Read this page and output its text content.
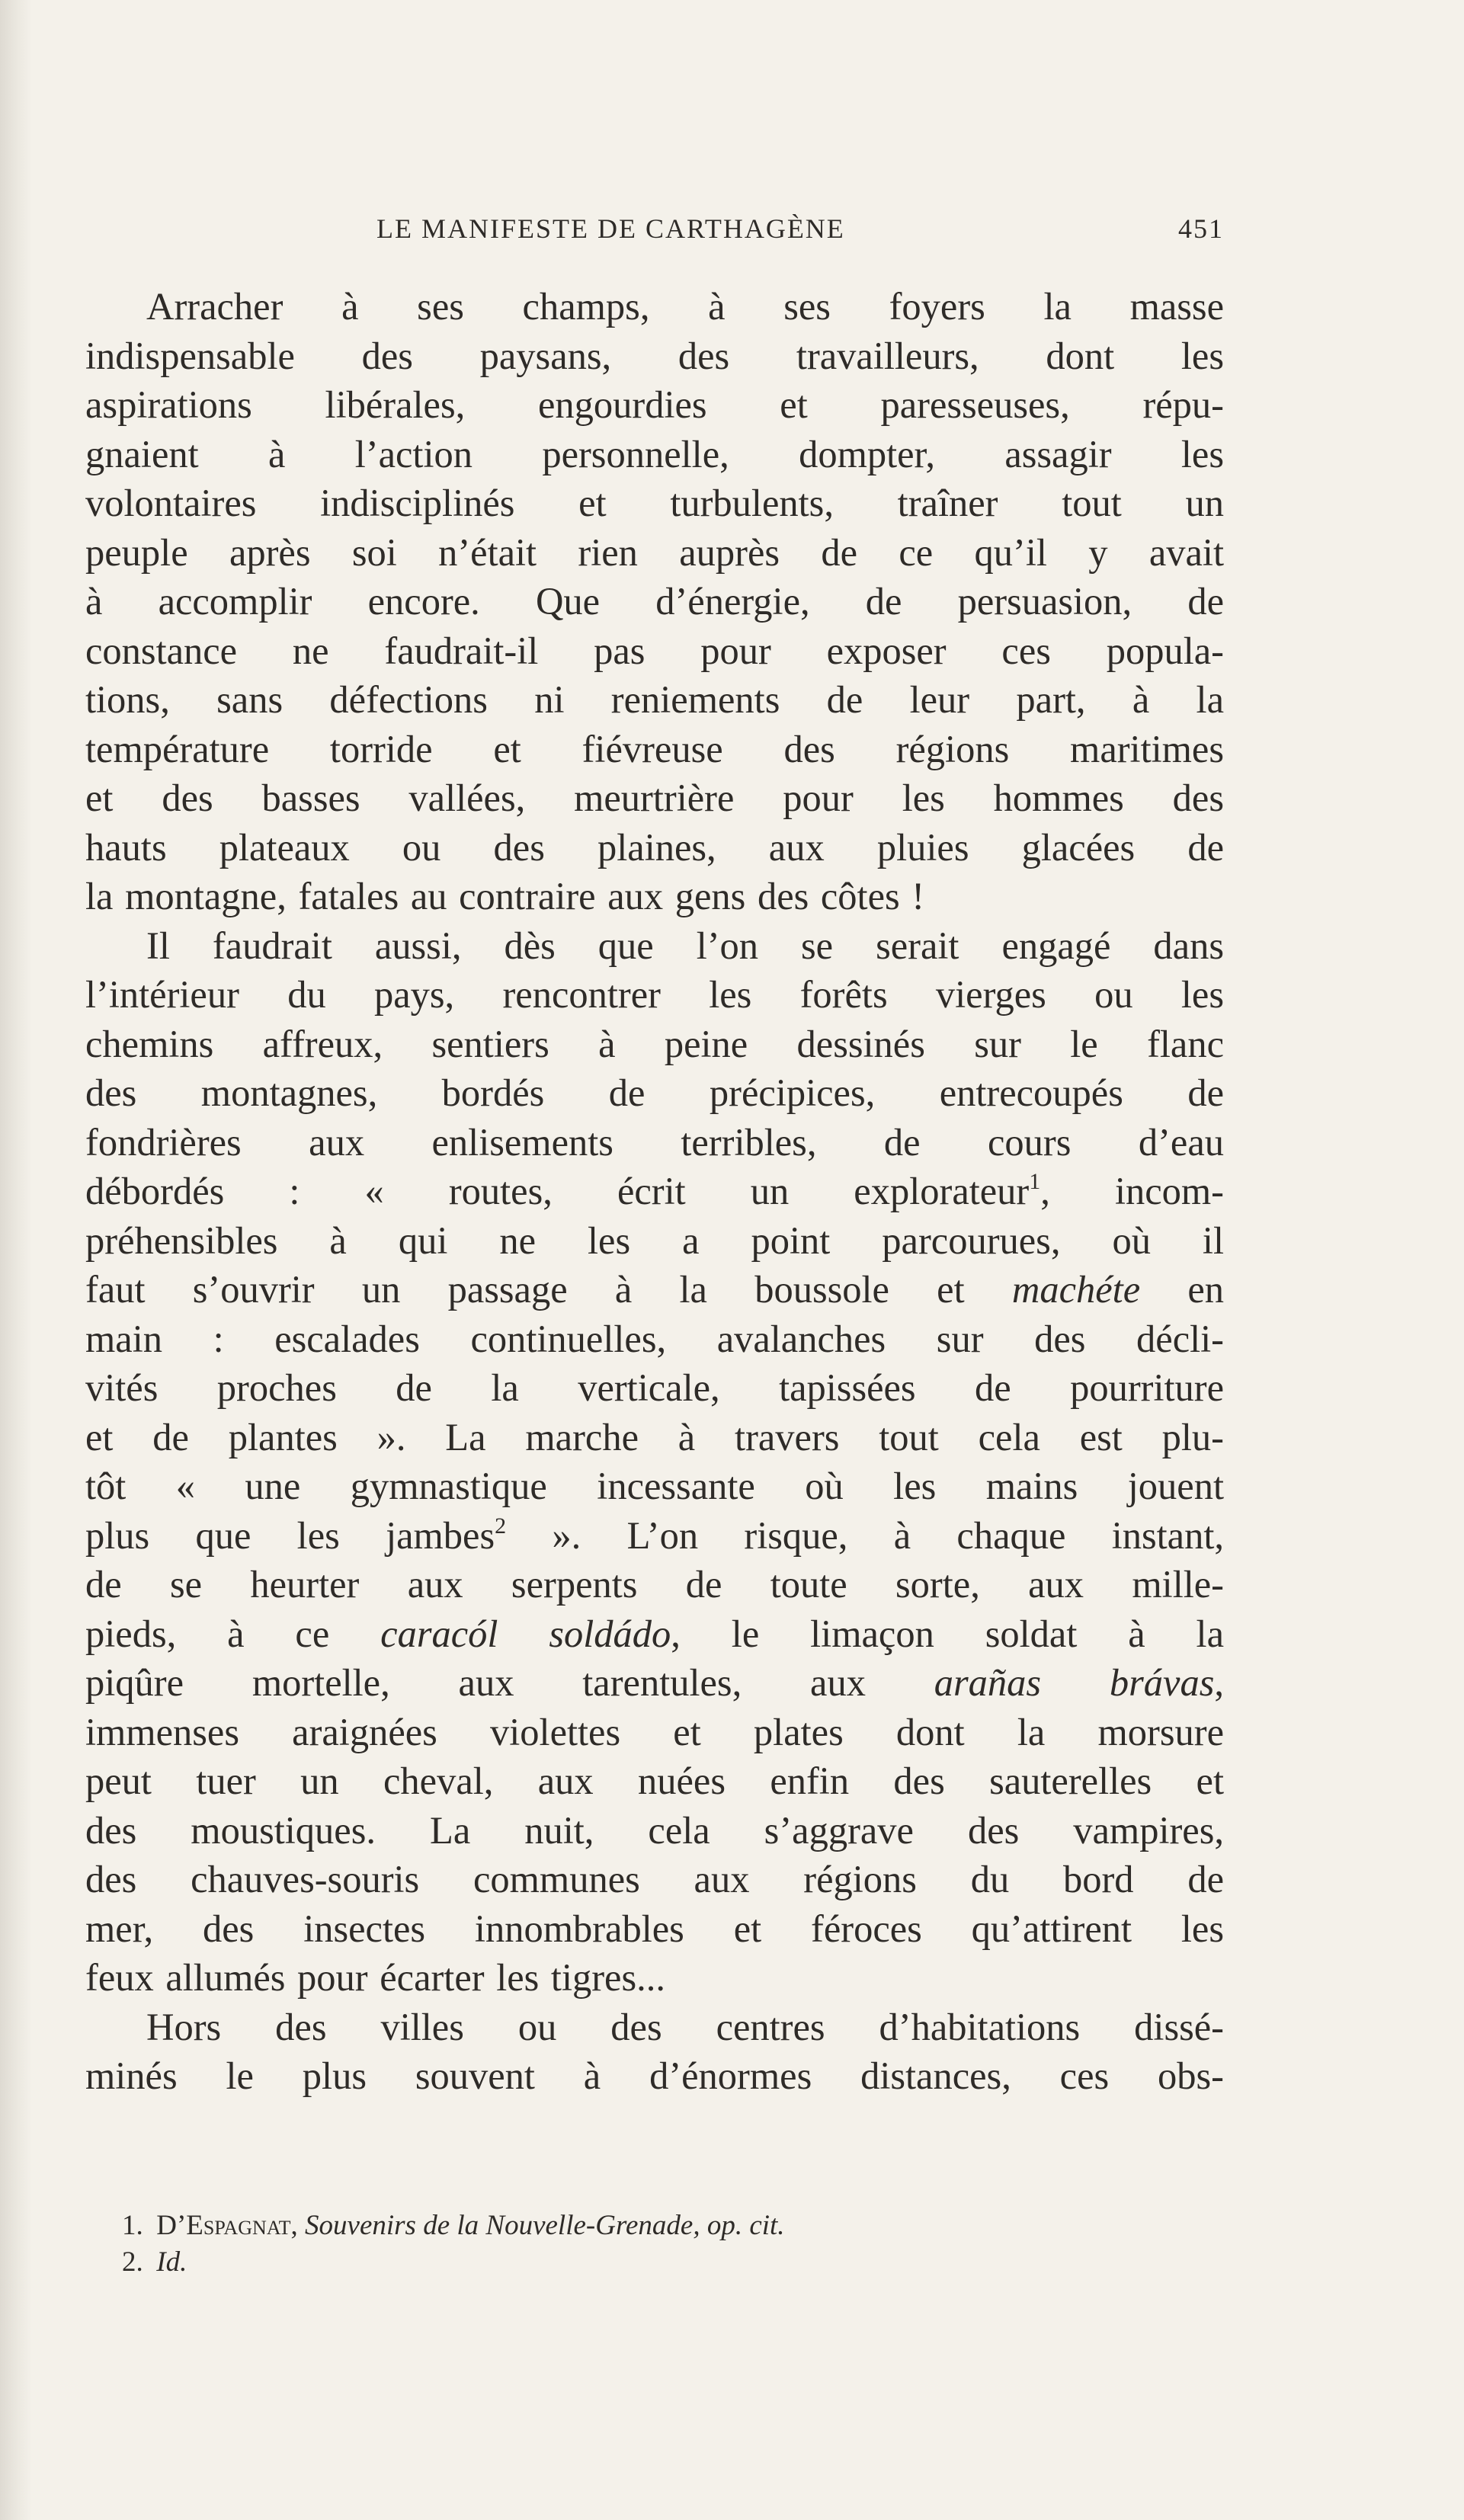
LE MANIFESTE DE CARTHAGÈNE	451
Arracher à ses champs, à ses foyers la masse
indispensable des paysans, des travailleurs, dont les
aspirations libérales, engourdies et paresseuses, répu-
gnaient à l’action personnelle, dompter, assagir les
volontaires indisciplinés et turbulents, traîner tout un
peuple après soi n’était rien auprès de ce qu’il y avait
à accomplir encore. Que d’énergie, de persuasion, de
constance ne faudrait-il pas pour exposer ces popula-
tions, sans défections ni reniements de leur part, à la
température torride et fiévreuse des régions maritimes
et des basses vallées, meurtrière pour les hommes des
hauts plateaux ou des plaines, aux pluies glacées de
la montagne, fatales au contraire aux gens des côtes !
Il faudrait aussi, dès que l’on se serait engagé dans
l’intérieur du pays, rencontrer les forêts vierges ou les
chemins affreux, sentiers à peine dessinés sur le flanc
des montagnes, bordés de précipices, entrecoupés de
fondrières aux enlisements terribles, de cours d’eau
débordés : « routes, écrit un explorateur$^1$, incom-
préhensibles à qui ne les a point parcourues, où il
faut s’ouvrir un passage à la boussole et machéte en
main : escalades continuelles, avalanches sur des décli-
vités proches de la verticale, tapissées de pourriture
et de plantes ». La marche à travers tout cela est plu-
tôt « une gymnastique incessante où les mains jouent
plus que les jambes$^2$ ». L’on risque, à chaque instant,
de se heurter aux serpents de toute sorte, aux mille-
pieds, à ce caracól soldádo, le limaçon soldat à la
piqûre mortelle, aux tarentules, aux arañas brávas,
immenses araignées violettes et plates dont la morsure
peut tuer un cheval, aux nuées enfin des sauterelles et
des moustiques. La nuit, cela s’aggrave des vampires,
des chauves-souris communes aux régions du bord de
mer, des insectes innombrables et féroces qu’attirent les
feux allumés pour écarter les tigres...
Hors des villes ou des centres d’habitations dissé-
minés le plus souvent à d’énormes distances, ces obs-
1. D’Espagnat, Souvenirs de la Nouvelle-Grenade, op. cit.
2. Id.
